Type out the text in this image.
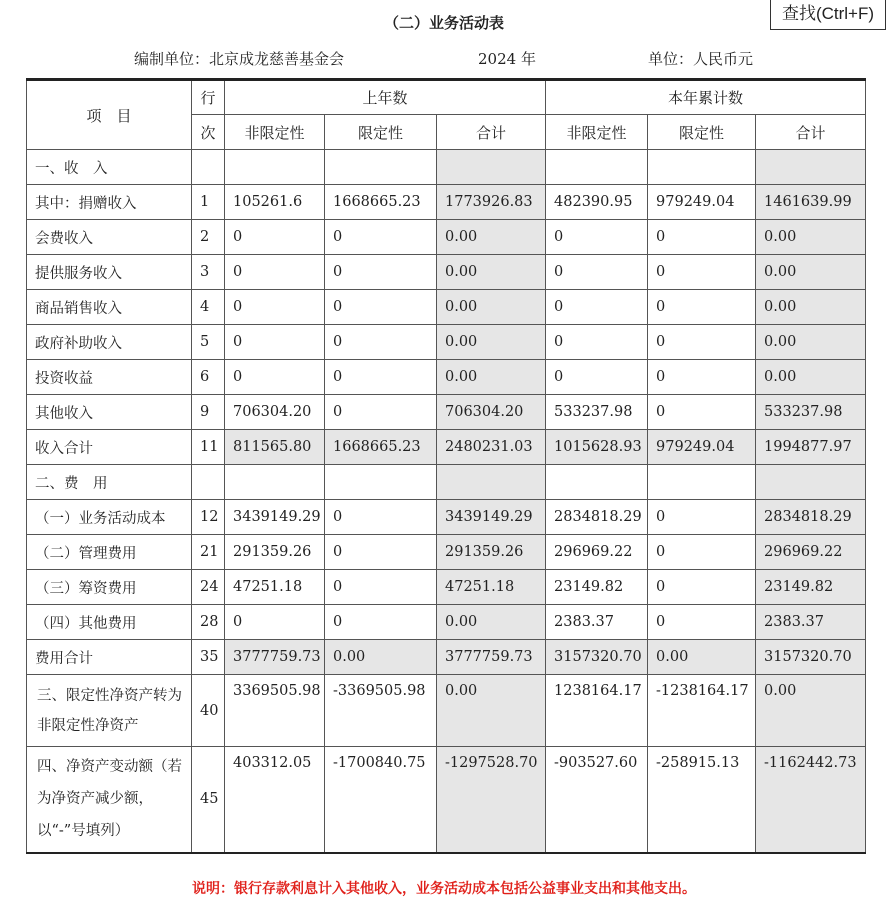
查找(Ctrl+F)
（二）业务活动表
编制单位：北京成龙慈善基金会	2024 年	单位：人民币元
项　目	行	上年数			本年累计数		
	次	非限定性	限定性	合计	非限定性	限定性	合计
一、收　入							
其中：捐赠收入	1	105261.6	1668665.23	1773926.83	482390.95	979249.04	1461639.99
会费收入	2	0	0	0.00	0	0	0.00
提供服务收入	3	0	0	0.00	0	0	0.00
商品销售收入	4	0	0	0.00	0	0	0.00
政府补助收入	5	0	0	0.00	0	0	0.00
投资收益	6	0	0	0.00	0	0	0.00
其他收入	9	706304.20	0	706304.20	533237.98	0	533237.98
收入合计	11	811565.80	1668665.23	2480231.03	1015628.93	979249.04	1994877.97
二、费　用							
（一）业务活动成本	12	3439149.29	0	3439149.29	2834818.29	0	2834818.29
（二）管理费用	21	291359.26	0	291359.26	296969.22	0	296969.22
（三）筹资费用	24	47251.18	0	47251.18	23149.82	0	23149.82
（四）其他费用	28	0	0	0.00	2383.37	0	2383.37
费用合计	35	3777759.73	0.00	3777759.73	3157320.70	0.00	3157320.70
三、限定性净资产转为非限定性净资产	40	3369505.98	-3369505.98	0.00	1238164.17	-1238164.17	0.00
四、净资产变动额（若为净资产减少额，以“-”号填列）	45	403312.05	-1700840.75	-1297528.70	-903527.60	-258915.13	-1162442.73
说明：银行存款利息计入其他收入，业务活动成本包括公益事业支出和其他支出。
